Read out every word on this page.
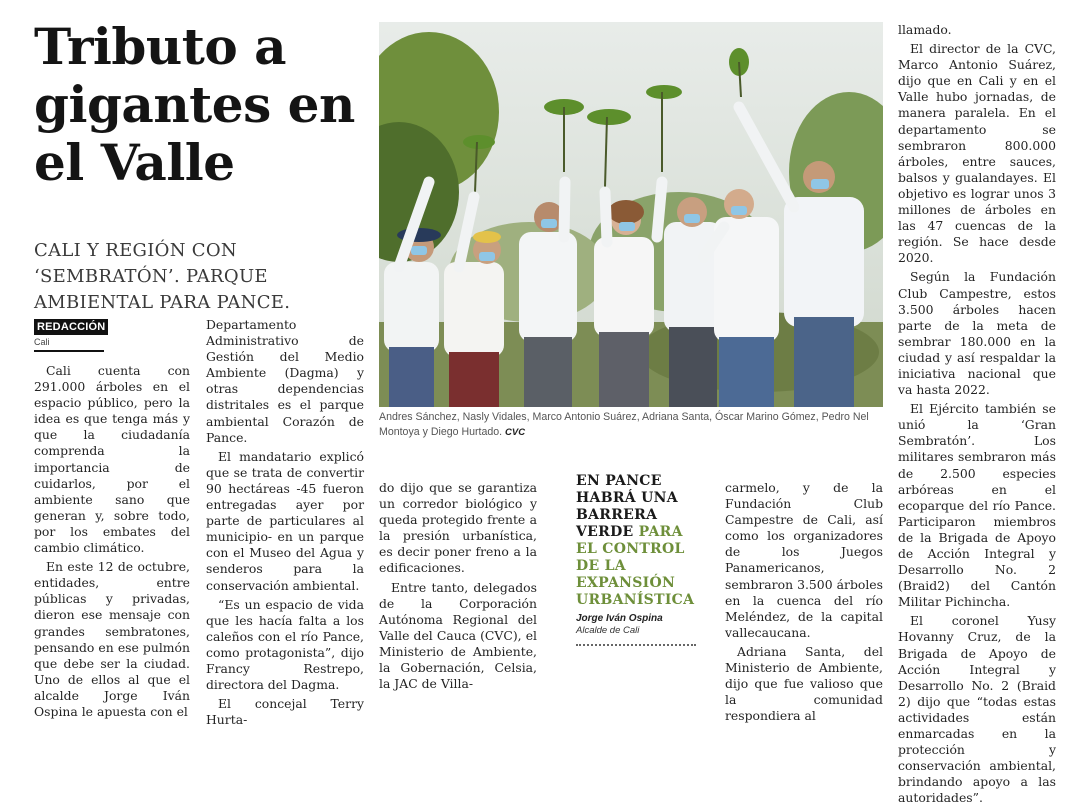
Tributo a gigantes en el Valle
CALI Y REGIÓN CON ‘SEMBRATÓN’. PARQUE AMBIENTAL PARA PANCE.
REDACCIÓN
Cali

Cali cuenta con 291.000 árboles en el espacio público, pero la idea es que tenga más y que la ciudadanía comprenda la importancia de cuidarlos, por el ambiente sano que generan y, sobre todo, por los embates del cambio climático.

En este 12 de octubre, entidades, entre públicas y privadas, dieron ese mensaje con grandes sembratones, pensando en ese pulmón que debe ser la ciudad. Uno de ellos al que el alcalde Jorge Iván Ospina le apuesta con el

Departamento Administrativo de Gestión del Medio Ambiente (Dagma) y otras dependencias distritales es el parque ambiental Corazón de Pance.

El mandatario explicó que se trata de convertir 90 hectáreas -45 fueron entregadas ayer por parte de particulares al municipio- en un parque con el Museo del Agua y senderos para la conservación ambiental.

“Es un espacio de vida que les hacía falta a los caleños con el río Pance, como protagonista”, dijo Francy Restrepo, directora del Dagma.

El concejal Terry Hurta-

Andres Sánchez, Nasly Vidales, Marco Antonio Suárez, Adriana Santa, Óscar Marino Gómez, Pedro Nel Montoya y Diego Hurtado. CVC

do dijo que se garantiza un corredor biológico y queda protegido frente a la presión urbanística, es decir poner freno a la edificaciones.

Entre tanto, delegados de la Corporación Autónoma Regional del Valle del Cauca (CVC), el Ministerio de Ambiente, la Gobernación, Celsia, la JAC de Villa-

EN PANCE HABRÁ UNA BARRERA VERDE PARA EL CONTROL DE LA EXPANSIÓN URBANÍSTICA
Jorge Iván Ospina
Alcalde de Cali

carmelo, y de la Fundación Club Campestre de Cali, así como los organizadores de los Juegos Panamericanos, sembraron 3.500 árboles en la cuenca del río Meléndez, de la capital vallecaucana.

Adriana Santa, del Ministerio de Ambiente, dijo que fue valioso que la comunidad respondiera al

llamado.

El director de la CVC, Marco Antonio Suárez, dijo que en Cali y en el Valle hubo jornadas, de manera paralela. En el departamento se sembraron 800.000 árboles, entre sauces, balsos y gualandayes. El objetivo es lograr unos 3 millones de árboles en las 47 cuencas de la región. Se hace desde 2020.

Según la Fundación Club Campestre, estos 3.500 árboles hacen parte de la meta de sembrar 180.000 en la ciudad y así respaldar la iniciativa nacional que va hasta 2022.

El Ejército también se unió la ‘Gran Sembratón’. Los militares sembraron más de 2.500 especies arbóreas en el ecoparque del río Pance. Participaron miembros de la Brigada de Apoyo de Acción Integral y Desarrollo No. 2 (Braid2) del Cantón Militar Pichincha.

El coronel Yusy Hovanny Cruz, de la Brigada de Apoyo de Acción Integral y Desarrollo No. 2 (Braid 2) dijo que “todas estas actividades están enmarcadas en la protección y conservación ambiental, brindando apoyo a las autoridades”.
